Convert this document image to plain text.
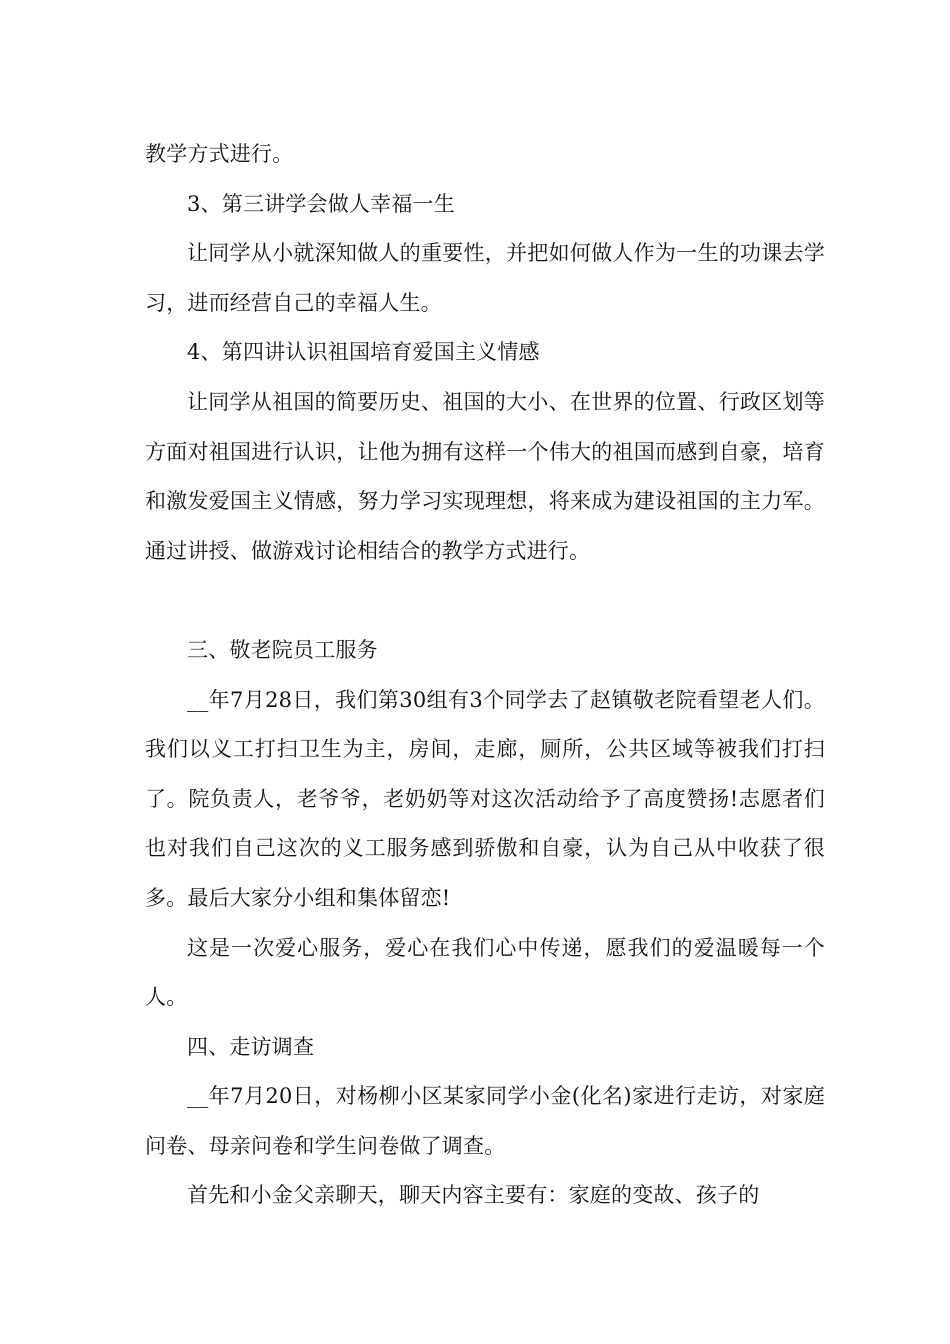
教学方式进行。

3、第三讲学会做人幸福一生

让同学从小就深知做人的重要性，并把如何做人作为一生的功课去学习，进而经营自己的幸福人生。

4、第四讲认识祖国培育爱国主义情感

让同学从祖国的简要历史、祖国的大小、在世界的位置、行政区划等方面对祖国进行认识，让他为拥有这样一个伟大的祖国而感到自豪，培育和激发爱国主义情感，努力学习实现理想，将来成为建设祖国的主力军。通过讲授、做游戏讨论相结合的教学方式进行。

三、敬老院员工服务

__年7月28日，我们第30组有3个同学去了赵镇敬老院看望老人们。我们以义工打扫卫生为主，房间，走廊，厕所，公共区域等被我们打扫了。院负责人，老爷爷，老奶奶等对这次活动给予了高度赞扬!志愿者们也对我们自己这次的义工服务感到骄傲和自豪，认为自己从中收获了很多。最后大家分小组和集体留恋!

这是一次爱心服务，爱心在我们心中传递，愿我们的爱温暖每一个人。

四、走访调查

__年7月20日，对杨柳小区某家同学小金(化名)家进行走访，对家庭问卷、母亲问卷和学生问卷做了调查。

首先和小金父亲聊天，聊天内容主要有：家庭的变故、孩子的
